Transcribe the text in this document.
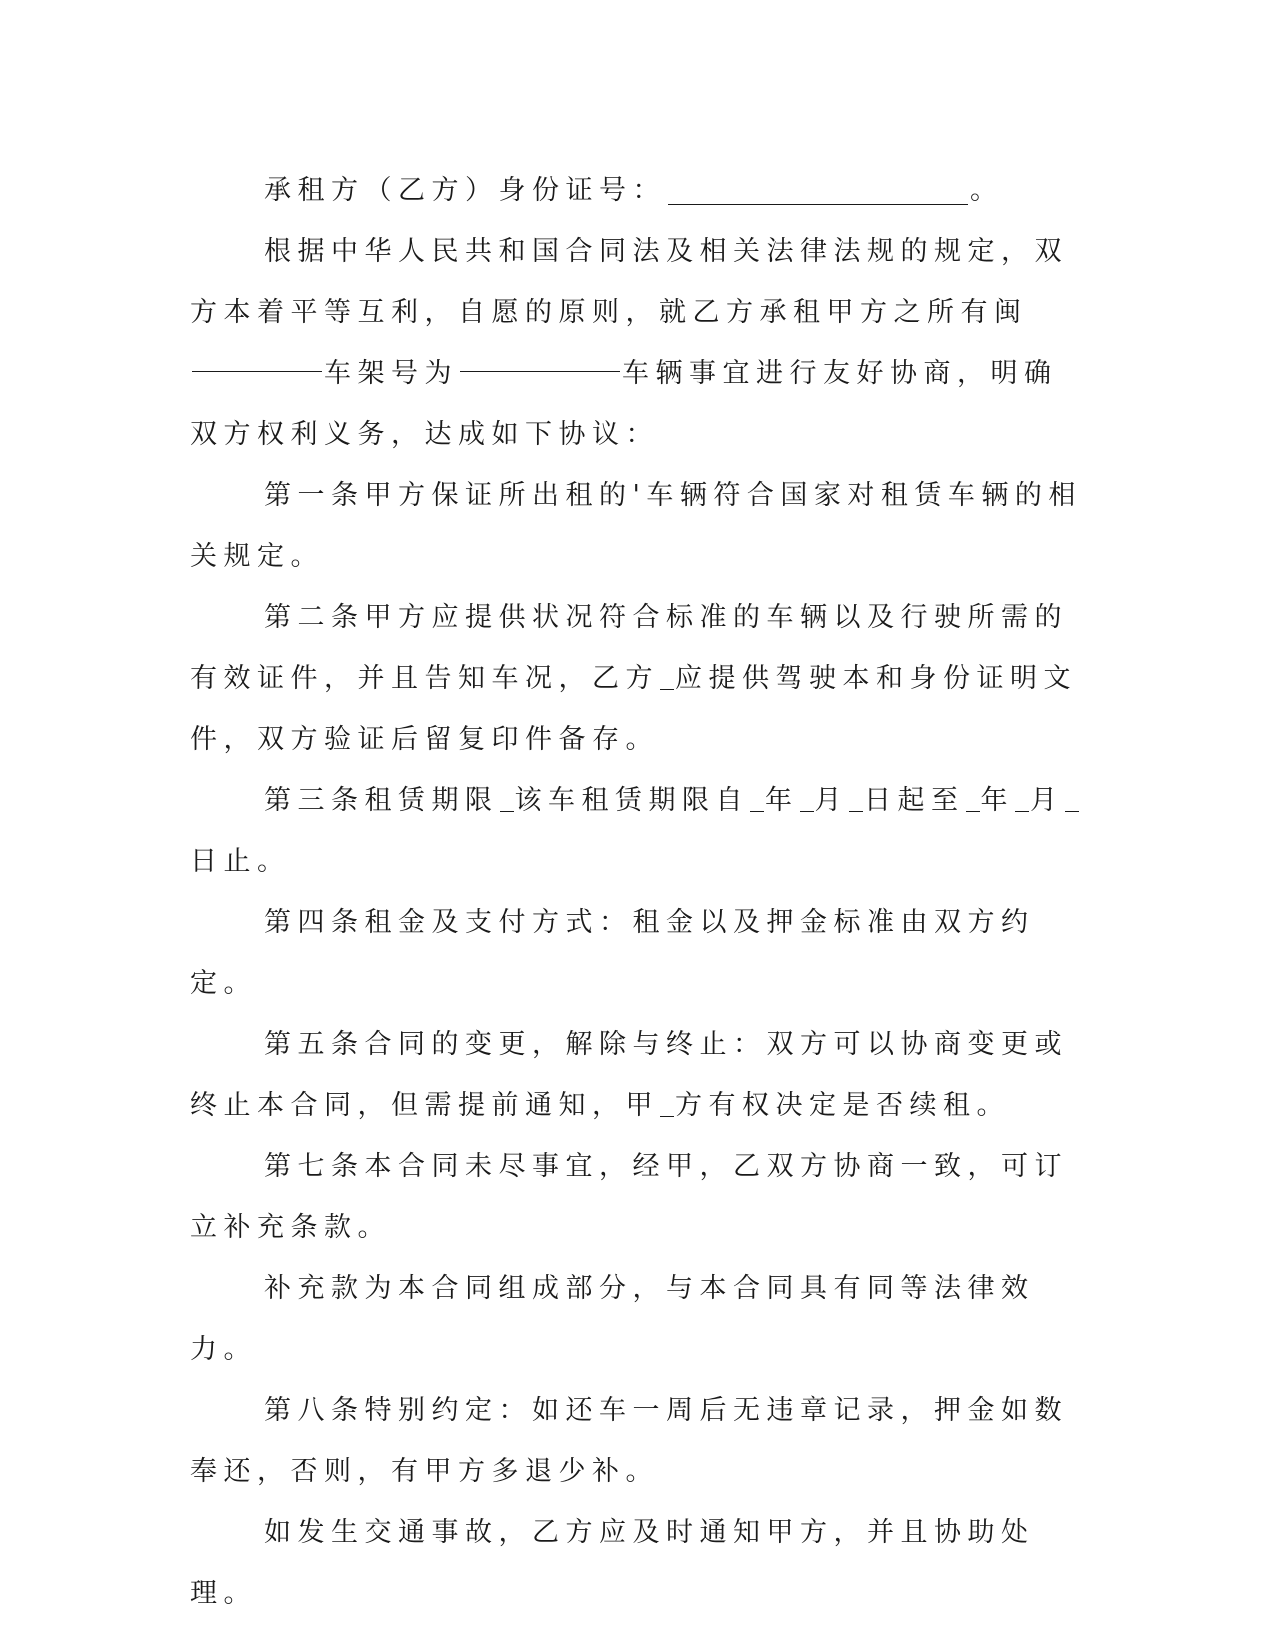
承租方（乙方）身份证号：	。

根据中华人民共和国合同法及相关法律法规的规定，双方本着平等互利，自愿的原则，就乙方承租甲方之所有闽车架号为	车辆事宜进行友好协商，明确双方权利义务，达成如下协议：

第一条甲方保证所出租的'车辆符合国家对租赁车辆的相关规定。

第二条甲方应提供状况符合标准的车辆以及行驶所需的有效证件，并且告知车况，乙方 应提供驾驶本和身份证明文件，双方验证后留复印件备存。

第三条租赁期限 该车租赁期限自 年 月 日起至 年 月日止。

第四条租金及支付方式：租金以及押金标准由双方约定。

第五条合同的变更，解除与终止：双方可以协商变更或终止本合同，但需提前通知，甲 方有权决定是否续租。

第七条本合同未尽事宜，经甲，乙双方协商一致，可订立补充条款。

补充款为本合同组成部分，与本合同具有同等法律效力。

第八条特别约定：如还车一周后无违章记录，押金如数奉还，否则，有甲方多退少补。

如发生交通事故，乙方应及时通知甲方，并且协助处理。
